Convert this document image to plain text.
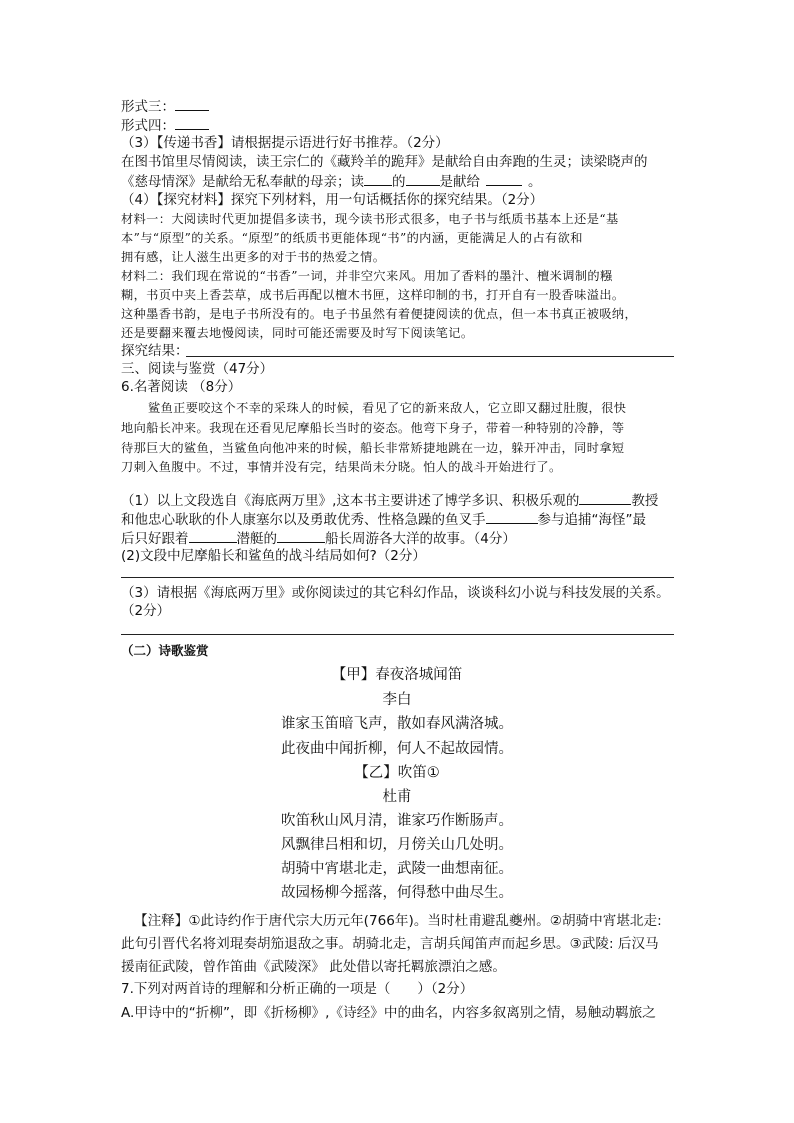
形式三：
形式四：
（3）【传递书香】请根据提示语进行好书推荐。（2分）
在图书馆里尽情阅读，读王宗仁的《藏羚羊的跪拜》是献给自由奔跑的生灵；读梁晓声的
《慈母情深》是献给无私奉献的母亲；读 的	是献给	。
（4）【探究材料】探究下列材料，用一句话概括你的探究结果。（2分）
材料一：大阅读时代更加提倡多读书，现今读书形式很多，电子书与纸质书基本上还是“基
本”与“原型”的关系。“原型”的纸质书更能体现“书”的内涵，更能满足人的占有欲和
拥有感，让人滋生出更多的对于书的热爱之情。
材料二：我们现在常说的“书香”一词，并非空穴来风。用加了香料的墨汁、檀米调制的糨
糊，书页中夹上香芸草，成书后再配以檀木书匣，这样印制的书，打开自有一股香味溢出。
这种墨香书韵，是电子书所没有的。电子书虽然有着便捷阅读的优点，但一本书真正被吸纳，
还是要翻来覆去地慢阅读，同时可能还需要及时写下阅读笔记。
探究结果：
三、阅读与鉴赏（47分）
6.名著阅读 （8分）
鲨鱼正要咬这个不幸的采珠人的时候，看见了它的新来敌人，它立即又翻过肚腹，很快
地向船长冲来。我现在还看见尼摩船长当时的姿态。他弯下身子，带着一种特别的冷静，等
待那巨大的鲨鱼，当鲨鱼向他冲来的时候，船长非常矫捷地跳在一边，躲开冲击，同时拿短
刀刺入鱼腹中。不过，事情并没有完，结果尚未分晓。怕人的战斗开始进行了。
（1）以上文段选自《海底两万里》,这本书主要讲述了博学多识、积极乐观的	教授
和他忠心耿耿的仆人康塞尔以及勇敢优秀、性格急躁的鱼叉手	参与追捕“海怪”最
后只好跟着	潜艇的	船长周游各大洋的故事。（4分）
(2)文段中尼摩船长和鲨鱼的战斗结局如何?（2分）
（3）请根据《海底两万里》或你阅读过的其它科幻作品，谈谈科幻小说与科技发展的关系。
（2分）
（二）诗歌鉴赏
【甲】春夜洛城闻笛
李白
谁家玉笛暗飞声，散如春风满洛城。
此夜曲中闻折柳，何人不起故园情。
【乙】吹笛①
杜甫
吹笛秋山风月清，谁家巧作断肠声。
风飘律吕相和切，月傍关山几处明。
胡骑中宵堪北走，武陵一曲想南征。
故园杨柳今摇落，何得愁中曲尽生。
【注释】①此诗约作于唐代宗大历元年(766年)。当时杜甫避乱夔州。②胡骑中宵堪北走:
此句引晋代名将刘琨奏胡笳退敌之事。胡骑北走，言胡兵闻笛声而起乡思。③武陵: 后汉马
援南征武陵，曾作笛曲《武陵深》 此处借以寄托羁旅漂泊之感。
7.下列对两首诗的理解和分析正确的一项是（　　）（2分）
A.甲诗中的“折柳”，即《折杨柳》,《诗经》中的曲名，内容多叙离别之情，易触动羁旅之
